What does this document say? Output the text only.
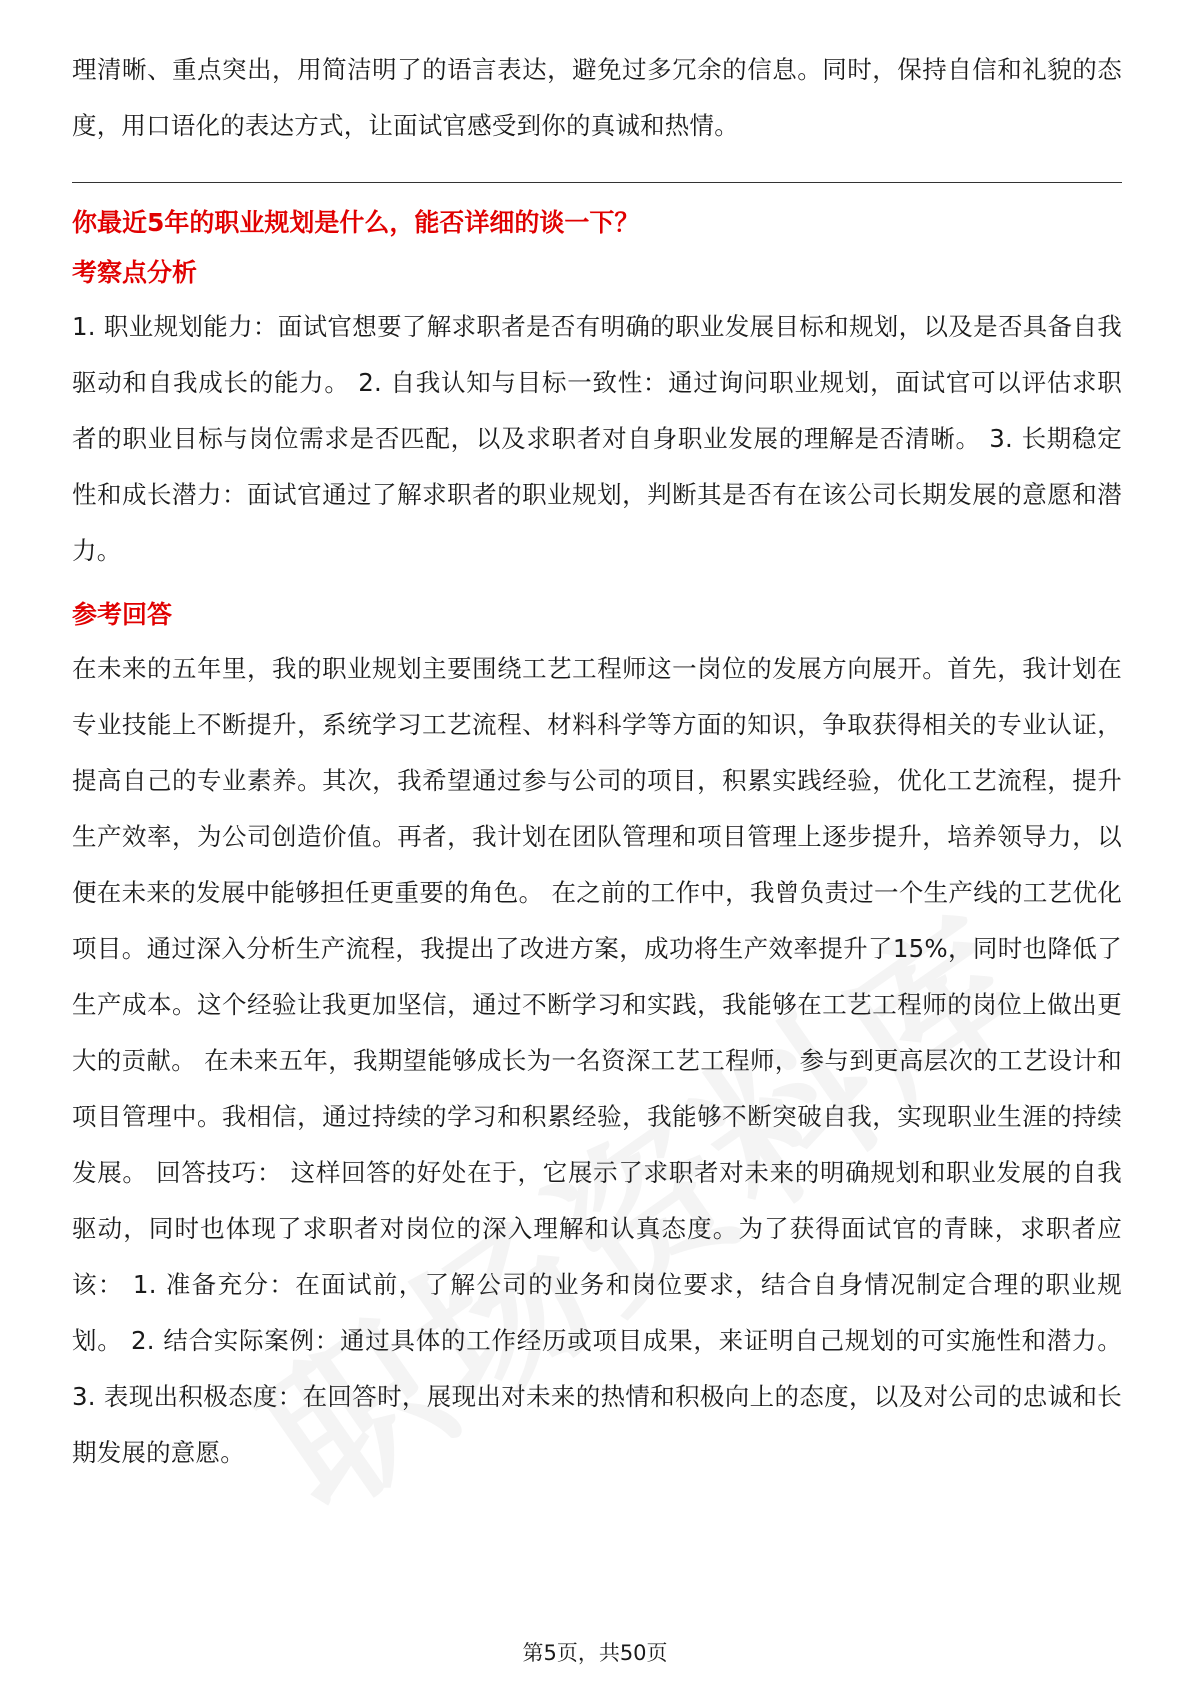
理清晰、重点突出，用简洁明了的语言表达，避免过多冗余的信息。同时，保持自信和礼貌的态度，用口语化的表达方式，让面试官感受到你的真诚和热情。

你最近5年的职业规划是什么，能否详细的谈一下？

考察点分析

1. 职业规划能力：面试官想要了解求职者是否有明确的职业发展目标和规划，以及是否具备自我驱动和自我成长的能力。 2. 自我认知与目标一致性：通过询问职业规划，面试官可以评估求职者的职业目标与岗位需求是否匹配，以及求职者对自身职业发展的理解是否清晰。 3. 长期稳定性和成长潜力：面试官通过了解求职者的职业规划，判断其是否有在该公司长期发展的意愿和潜力。

参考回答

在未来的五年里，我的职业规划主要围绕工艺工程师这一岗位的发展方向展开。首先，我计划在专业技能上不断提升，系统学习工艺流程、材料科学等方面的知识，争取获得相关的专业认证，提高自己的专业素养。其次，我希望通过参与公司的项目，积累实践经验，优化工艺流程，提升生产效率，为公司创造价值。再者，我计划在团队管理和项目管理上逐步提升，培养领导力，以便在未来的发展中能够担任更重要的角色。 在之前的工作中，我曾负责过一个生产线的工艺优化项目。通过深入分析生产流程，我提出了改进方案，成功将生产效率提升了15%，同时也降低了生产成本。这个经验让我更加坚信，通过不断学习和实践，我能够在工艺工程师的岗位上做出更大的贡献。 在未来五年，我期望能够成长为一名资深工艺工程师，参与到更高层次的工艺设计和项目管理中。我相信，通过持续的学习和积累经验，我能够不断突破自我，实现职业生涯的持续发展。 回答技巧： 这样回答的好处在于，它展示了求职者对未来的明确规划和职业发展的自我驱动，同时也体现了求职者对岗位的深入理解和认真态度。为了获得面试官的青睐，求职者应该： 1. 准备充分：在面试前，了解公司的业务和岗位要求，结合自身情况制定合理的职业规划。 2. 结合实际案例：通过具体的工作经历或项目成果，来证明自己规划的可实施性和潜力。 3. 表现出积极态度：在回答时，展现出对未来的热情和积极向上的态度，以及对公司的忠诚和长期发展的意愿。

第5页，共50页
